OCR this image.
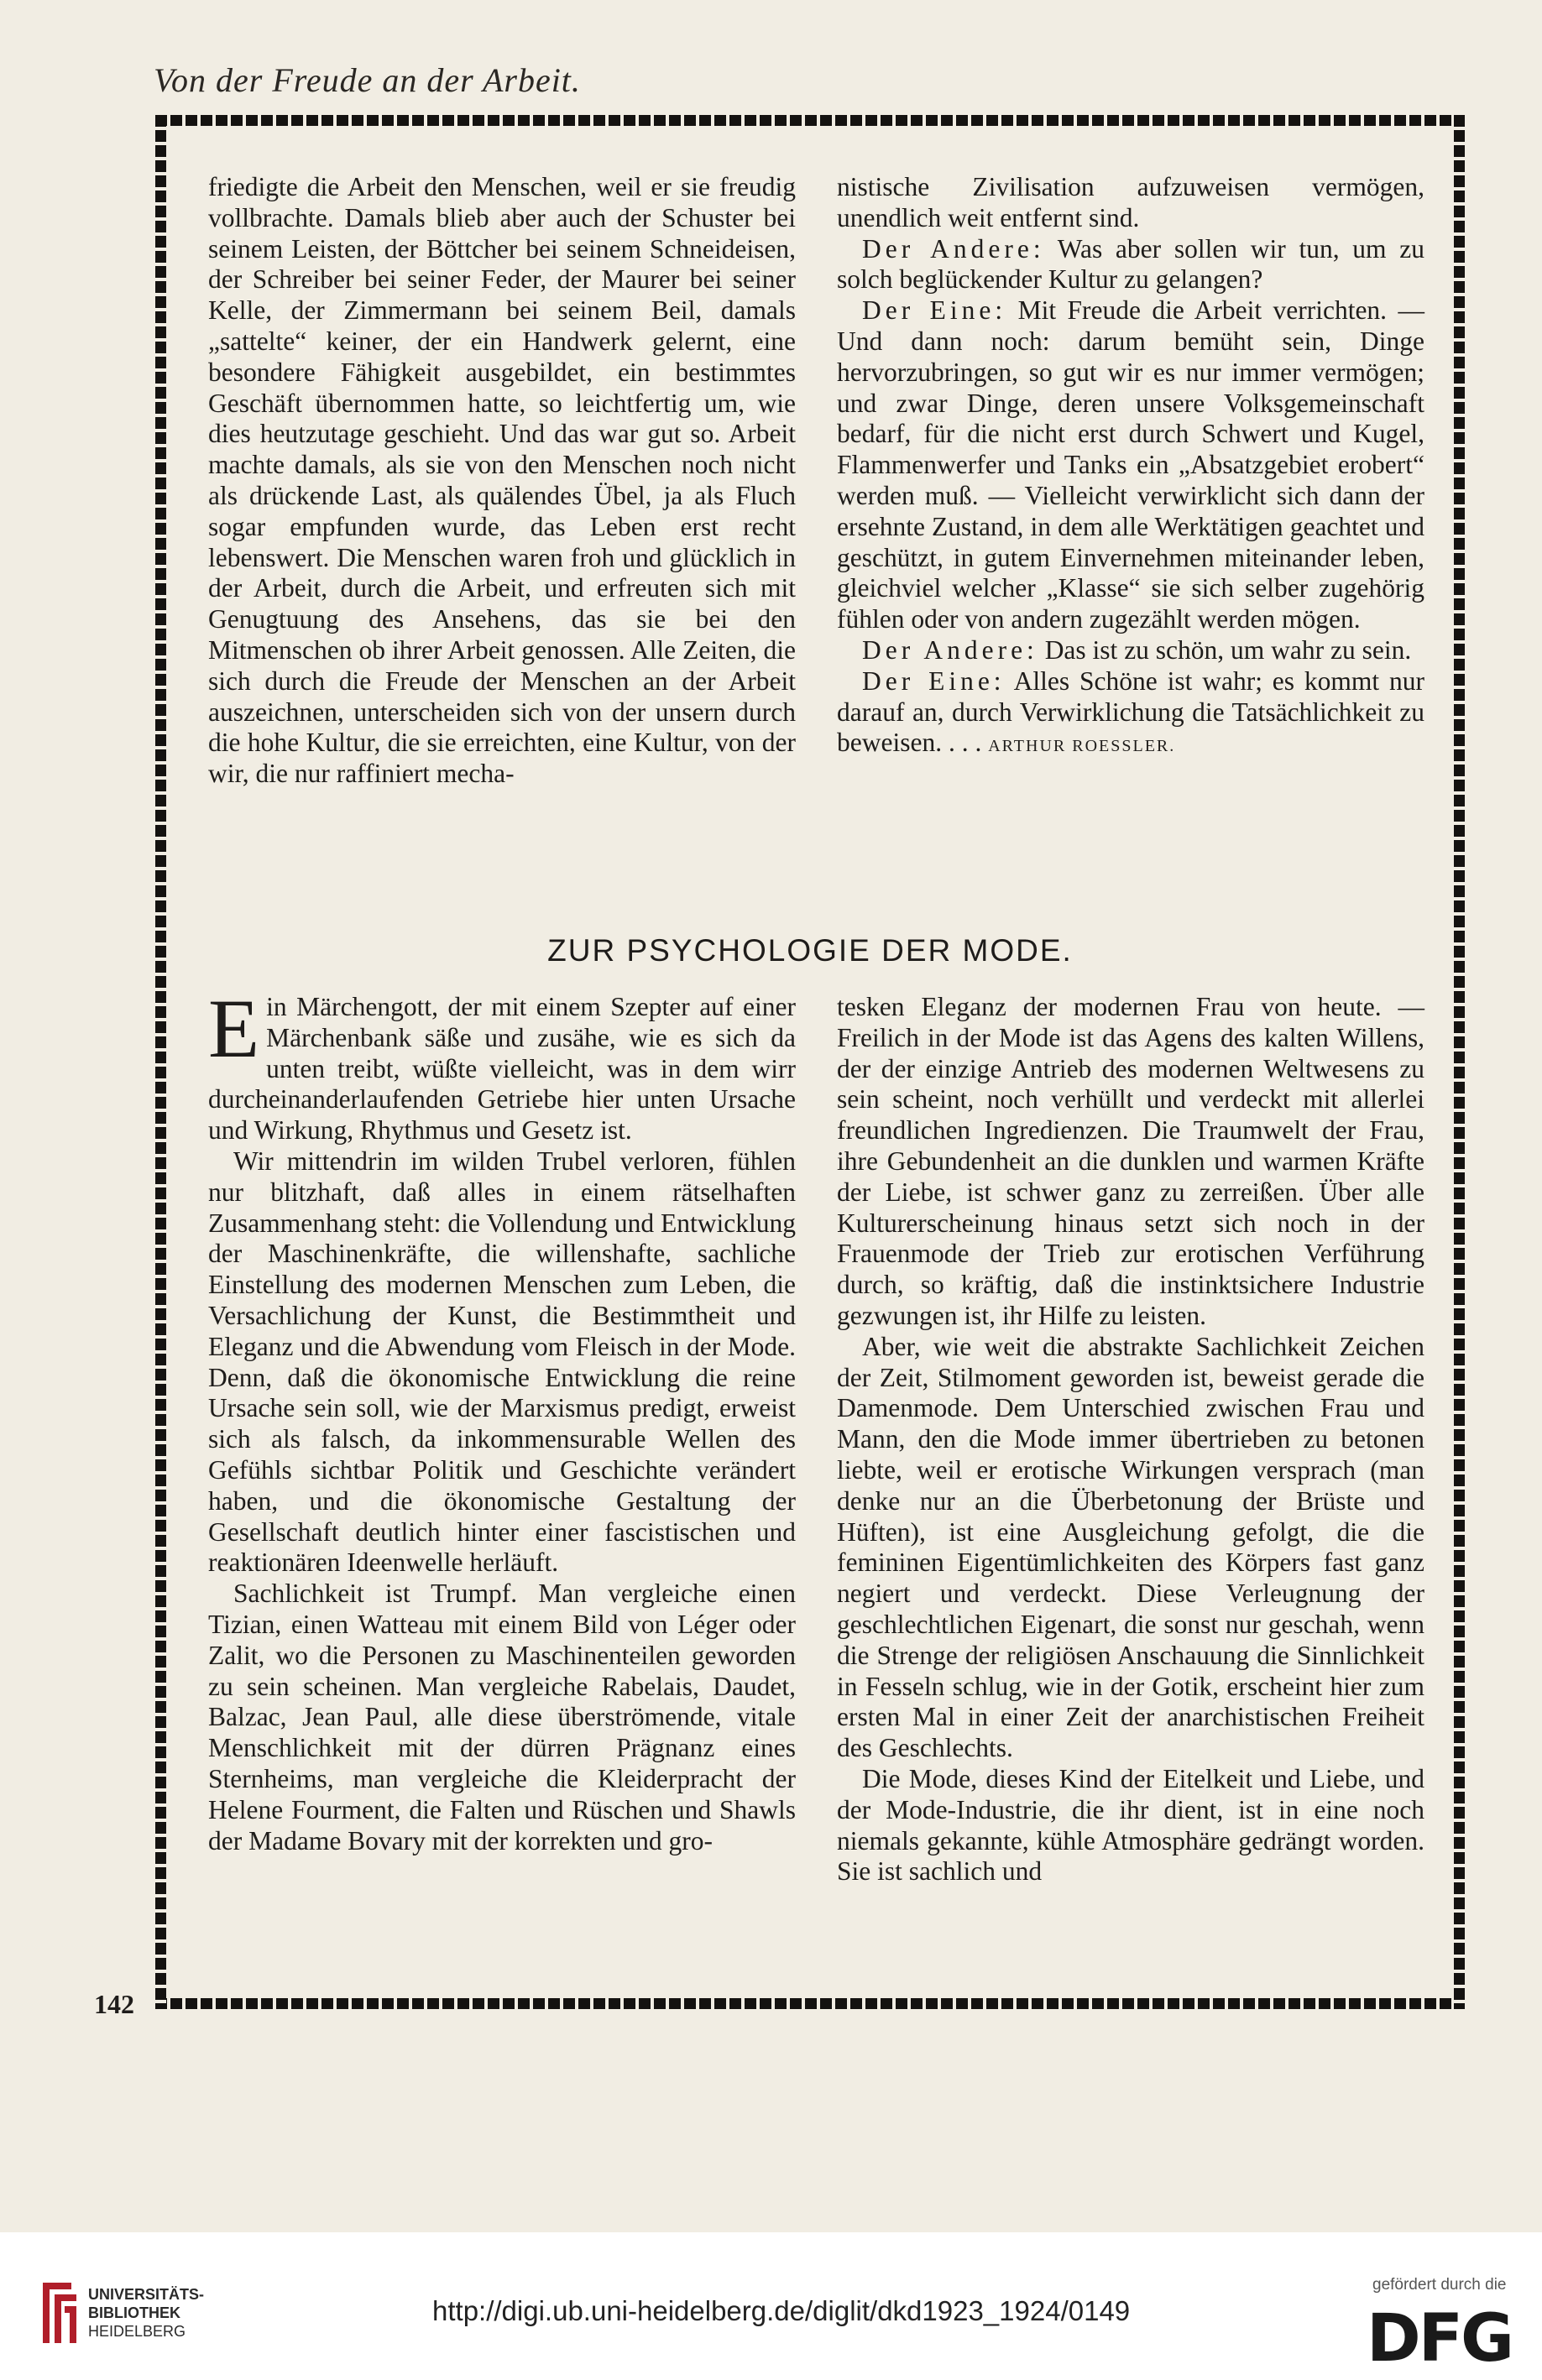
Von der Freude an der Arbeit.

friedigte die Arbeit den Menschen, weil er sie freudig vollbrachte. Damals blieb aber auch der Schuster bei seinem Leisten, der Böttcher bei seinem Schneideisen, der Schreiber bei seiner Feder, der Maurer bei seiner Kelle, der Zimmermann bei seinem Beil, damals „sattelte“ keiner, der ein Handwerk gelernt, eine besondere Fähigkeit ausgebildet, ein bestimmtes Geschäft übernommen hatte, so leichtfertig um, wie dies heutzutage geschieht. Und das war gut so. Arbeit machte damals, als sie von den Menschen noch nicht als drückende Last, als quälendes Übel, ja als Fluch sogar empfunden wurde, das Leben erst recht lebenswert. Die Menschen waren froh und glücklich in der Arbeit, durch die Arbeit, und erfreuten sich mit Genugtuung des Ansehens, das sie bei den Mitmenschen ob ihrer Arbeit genossen. Alle Zeiten, die sich durch die Freude der Menschen an der Arbeit auszeichnen, unterscheiden sich von der unsern durch die hohe Kultur, die sie erreichten, eine Kultur, von der wir, die nur raffiniert mecha-

nistische Zivilisation aufzuweisen vermögen, unendlich weit entfernt sind.

Der Andere: Was aber sollen wir tun, um zu solch beglückender Kultur zu gelangen?

Der Eine: Mit Freude die Arbeit verrichten. — Und dann noch: darum bemüht sein, Dinge hervorzubringen, so gut wir es nur immer vermögen; und zwar Dinge, deren unsere Volksgemeinschaft bedarf, für die nicht erst durch Schwert und Kugel, Flammenwerfer und Tanks ein „Absatzgebiet erobert“ werden muß. — Vielleicht verwirklicht sich dann der ersehnte Zustand, in dem alle Werktätigen geachtet und geschützt, in gutem Einvernehmen miteinander leben, gleichviel welcher „Klasse“ sie sich selber zugehörig fühlen oder von andern zugezählt werden mögen.

Der Andere: Das ist zu schön, um wahr zu sein.

Der Eine: Alles Schöne ist wahr; es kommt nur darauf an, durch Verwirklichung die Tatsächlichkeit zu beweisen. . . . ARTHUR ROESSLER.

ZUR PSYCHOLOGIE DER MODE.

Ein Märchengott, der mit einem Szepter auf einer Märchenbank säße und zusähe, wie es sich da unten treibt, wüßte vielleicht, was in dem wirr durcheinanderlaufenden Getriebe hier unten Ursache und Wirkung, Rhythmus und Gesetz ist.

Wir mittendrin im wilden Trubel verloren, fühlen nur blitzhaft, daß alles in einem rätselhaften Zusammenhang steht: die Vollendung und Entwicklung der Maschinenkräfte, die willenshafte, sachliche Einstellung des modernen Menschen zum Leben, die Versachlichung der Kunst, die Bestimmtheit und Eleganz und die Abwendung vom Fleisch in der Mode. Denn, daß die ökonomische Entwicklung die reine Ursache sein soll, wie der Marxismus predigt, erweist sich als falsch, da inkommensurable Wellen des Gefühls sichtbar Politik und Geschichte verändert haben, und die ökonomische Gestaltung der Gesellschaft deutlich hinter einer fascistischen und reaktionären Ideenwelle herläuft.

Sachlichkeit ist Trumpf. Man vergleiche einen Tizian, einen Watteau mit einem Bild von Léger oder Zalit, wo die Personen zu Maschinenteilen geworden zu sein scheinen. Man vergleiche Rabelais, Daudet, Balzac, Jean Paul, alle diese überströmende, vitale Menschlichkeit mit der dürren Prägnanz eines Sternheims, man vergleiche die Kleiderpracht der Helene Fourment, die Falten und Rüschen und Shawls der Madame Bovary mit der korrekten und gro-

tesken Eleganz der modernen Frau von heute. — Freilich in der Mode ist das Agens des kalten Willens, der der einzige Antrieb des modernen Weltwesens zu sein scheint, noch verhüllt und verdeckt mit allerlei freundlichen Ingredienzen. Die Traumwelt der Frau, ihre Gebundenheit an die dunklen und warmen Kräfte der Liebe, ist schwer ganz zu zerreißen. Über alle Kulturerscheinung hinaus setzt sich noch in der Frauenmode der Trieb zur erotischen Verführung durch, so kräftig, daß die instinktsichere Industrie gezwungen ist, ihr Hilfe zu leisten.

Aber, wie weit die abstrakte Sachlichkeit Zeichen der Zeit, Stilmoment geworden ist, beweist gerade die Damenmode. Dem Unterschied zwischen Frau und Mann, den die Mode immer übertrieben zu betonen liebte, weil er erotische Wirkungen versprach (man denke nur an die Überbetonung der Brüste und Hüften), ist eine Ausgleichung gefolgt, die die femininen Eigentümlichkeiten des Körpers fast ganz negiert und verdeckt. Diese Verleugnung der geschlechtlichen Eigenart, die sonst nur geschah, wenn die Strenge der religiösen Anschauung die Sinnlichkeit in Fesseln schlug, wie in der Gotik, erscheint hier zum ersten Mal in einer Zeit der anarchistischen Freiheit des Geschlechts.

Die Mode, dieses Kind der Eitelkeit und Liebe, und der Mode-Industrie, die ihr dient, ist in eine noch niemals gekannte, kühle Atmosphäre gedrängt worden. Sie ist sachlich und

142
UNIVERSITÄTS-
BIBLIOTHEK
HEIDELBERG
http://digi.ub.uni-heidelberg.de/diglit/dkd1923_1924/0149
gefördert durch die
DFG
